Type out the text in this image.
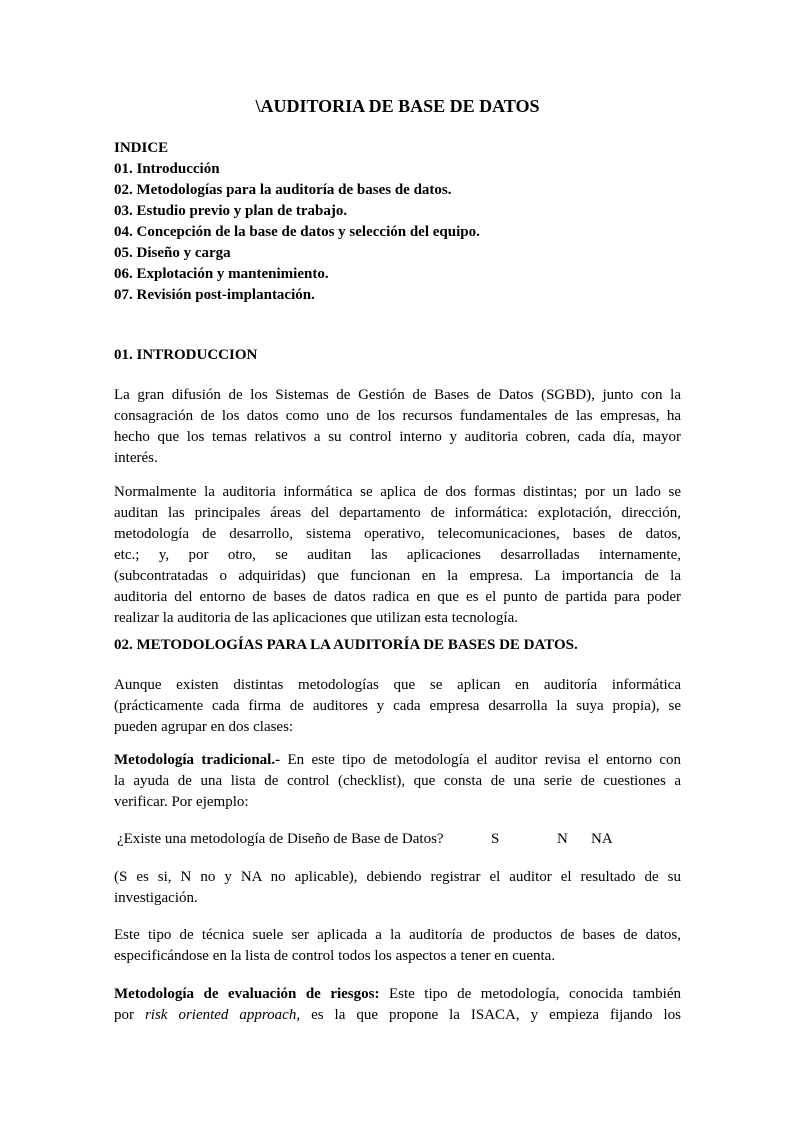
\AUDITORIA DE BASE DE DATOS
INDICE
01. Introducción
02. Metodologías para la auditoría de bases de datos.
03. Estudio previo y plan de trabajo.
04. Concepción de la base de datos y selección del equipo.
05. Diseño y carga
06. Explotación y mantenimiento.
07. Revisión post-implantación.
01. INTRODUCCION
La gran difusión de los Sistemas de Gestión de Bases de Datos (SGBD), junto con la
consagración de los datos como uno de los recursos fundamentales de las empresas, ha
hecho que los temas relativos a su control interno y auditoria cobren, cada día, mayor
interés.
Normalmente la auditoria informática se aplica de dos formas distintas; por un lado se
auditan las principales áreas del departamento de informática: explotación, dirección,
metodología de desarrollo, sistema operativo, telecomunicaciones, bases de datos,
etc.; y, por otro, se auditan las aplicaciones desarrolladas internamente,
(subcontratadas o adquiridas) que funcionan en la empresa. La importancia de la
auditoria del entorno de bases de datos radica en que es el punto de partida para poder
realizar la auditoria de las aplicaciones que utilizan esta tecnología.
02. METODOLOGÍAS PARA LA AUDITORÍA DE BASES DE DATOS.
Aunque existen distintas metodologías que se aplican en auditoría informática
(prácticamente cada firma de auditores y cada empresa desarrolla la suya propia), se
pueden agrupar en dos clases:
Metodología tradicional.- En este tipo de metodología el auditor revisa el entorno con
la ayuda de una lista de control (checklist), que consta de una serie de cuestiones a
verificar. Por ejemplo:
¿Existe una metodología de Diseño de Base de Datos?	S	N	NA
(S es si, N no y NA no aplicable), debiendo registrar el auditor el resultado de su
investigación.
Este tipo de técnica suele ser aplicada a la auditoría de productos de bases de datos,
especificándose en la lista de control todos los aspectos a tener en cuenta.
Metodología de evaluación de riesgos: Este tipo de metodología, conocida también
por risk oriented approach, es la que propone la ISACA, y empieza fijando los
